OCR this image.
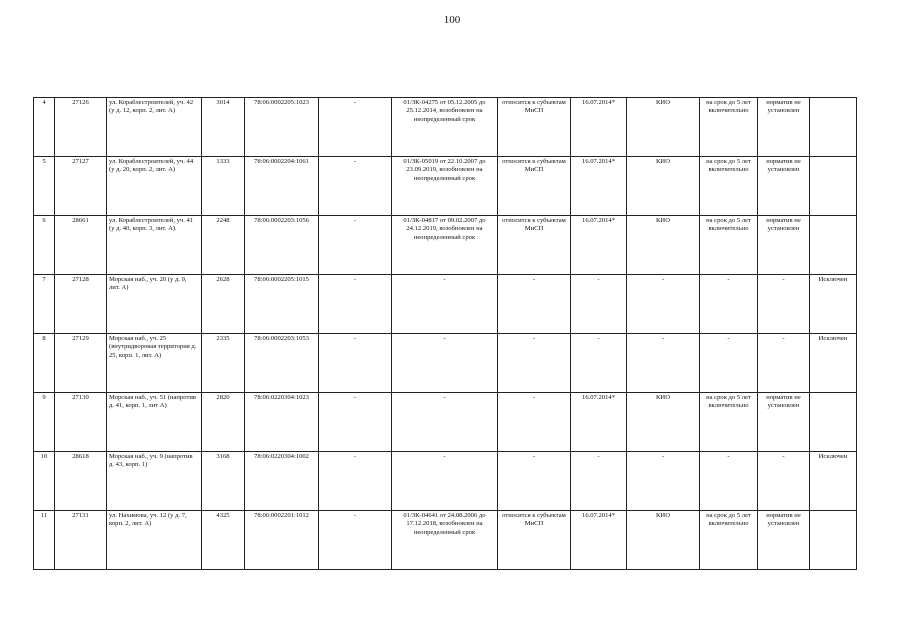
100
4	27126	ул. Кораблестроителей, уч. 42 (у д. 12, корп. 2, лит. А)	3014	78:06:0002205:1023	-	01/ЗК-04275 от 05.12.2005 до 25.12.2014, возобновлен на неопределенный срок	относится к субъектам МиСП	16.07.2014*	КИО	на срок до 5 лет включительно	норматив не установлен	
5	27127	ул. Кораблестроителей, уч. 44 (у д. 20, корп. 2, лит. А)	1333	78:06:0002204:1061	-	01/ЗК-05019 от 22.10.2007 до 23.09.2019, возобновлен на неопределенный срок	относится к субъектам МиСП	16.07.2014*	КИО	на срок до 5 лет включительно	норматив не установлен	
6	28661	ул. Кораблестроителей, уч. 41 (у д. 40, корп. 3, лит. А).	2248	78:06:0002203:1056	-	01/ЗК-04817 от 09.02.2007 до 24.12.2019, возобновлен на неопределенный срок	относится к субъектам МиСП	16.07.2014*	КИО	на срок до 5 лет включительно	норматив не установлен	
7	27128	Морская наб., уч. 20 (у д. 9, лит. А)	2628	78:06:0002205:1015	-	-	-	-	-	-	-	Исключен
8	27129	Морская наб., уч. 25 (внутридворовая территория д. 25, корп. 1, лит. А)	2335	78:06:0002203:1053	-	-	-	-	-	-	-	Исключен
9	27130	Морская наб., уч. 51 (напротив д. 41, корп. 1, лит А)	2820	78:06:0220304:1023	-	-	-	16.07.2014*	КИО	на срок до 5 лет включительно	норматив не установлен	
10	28618	Морская наб., уч. 9 (напротив д. 43, корп. 1)	3168	78:06:0220304:1002	-	-	-	-	-	-	-	Исключен
11	27131	ул. Нахимова, уч. 12 (у д. 7, корп. 2, лит. А)	4325	78:06:0002201:1012	-	01/ЗК-04641 от 24.08.2006 до 17.12.2018, возобновлен на неопределенный срок	относится к субъектам МиСП	16.07.2014*	КИО	на срок до 5 лет включительно	норматив не установлен	
